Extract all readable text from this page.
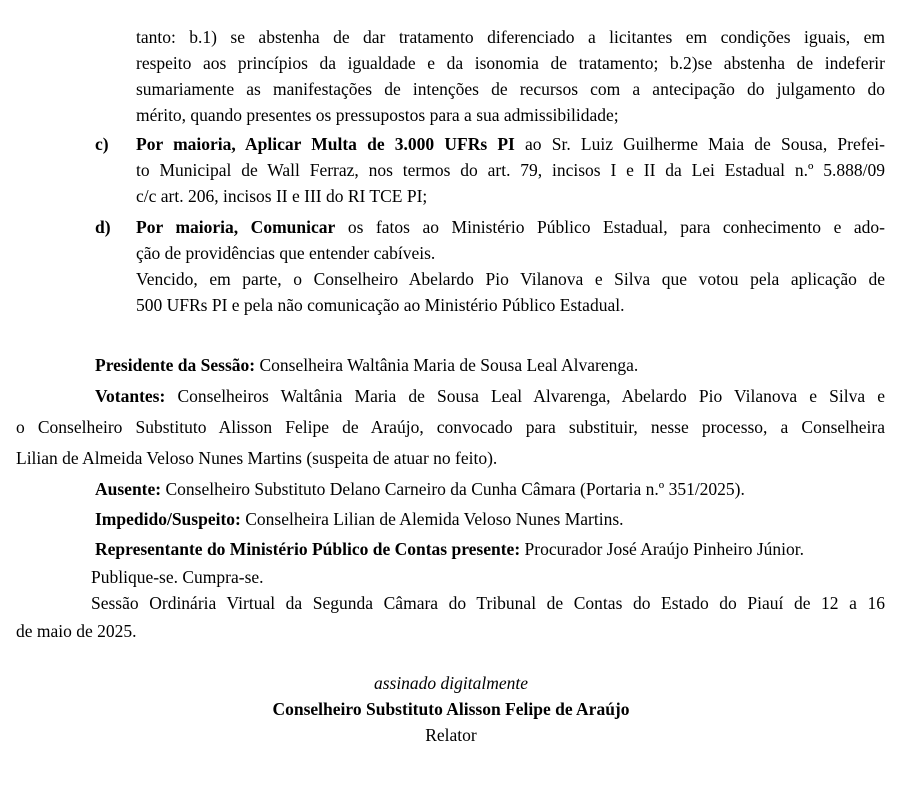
tanto: b.1) se abstenha de dar tratamento diferenciado a licitantes em condições iguais, em
respeito aos princípios da igualdade e da isonomia de tratamento; b.2)se abstenha de indeferir
sumariamente as manifestações de intenções de recursos com a antecipação do julgamento do
mérito, quando presentes os pressupostos para a sua admissibilidade;
c) Por maioria, Aplicar Multa de 3.000 UFRs PI ao Sr. Luiz Guilherme Maia de Sousa, Prefei-
to Municipal de Wall Ferraz, nos termos do art. 79, incisos I e II da Lei Estadual n.º 5.888/09
c/c art. 206, incisos II e III do RI TCE PI;
d) Por maioria, Comunicar os fatos ao Ministério Público Estadual, para conhecimento e ado-
ção de providências que entender cabíveis.
Vencido, em parte, o Conselheiro Abelardo Pio Vilanova e Silva que votou pela aplicação de
500 UFRs PI e pela não comunicação ao Ministério Público Estadual.
Presidente da Sessão: Conselheira Waltânia Maria de Sousa Leal Alvarenga.
Votantes: Conselheiros Waltânia Maria de Sousa Leal Alvarenga, Abelardo Pio Vilanova e Silva e
o Conselheiro Substituto Alisson Felipe de Araújo, convocado para substituir, nesse processo, a Conselheira
Lilian de Almeida Veloso Nunes Martins (suspeita de atuar no feito).
Ausente: Conselheiro Substituto Delano Carneiro da Cunha Câmara (Portaria n.º 351/2025).
Impedido/Suspeito: Conselheira Lilian de Alemida Veloso Nunes Martins.
Representante do Ministério Público de Contas presente: Procurador José Araújo Pinheiro Júnior.
Publique-se. Cumpra-se.
Sessão Ordinária Virtual da Segunda Câmara do Tribunal de Contas do Estado do Piauí de 12 a 16
de maio de 2025.
assinado digitalmente
Conselheiro Substituto Alisson Felipe de Araújo
Relator
